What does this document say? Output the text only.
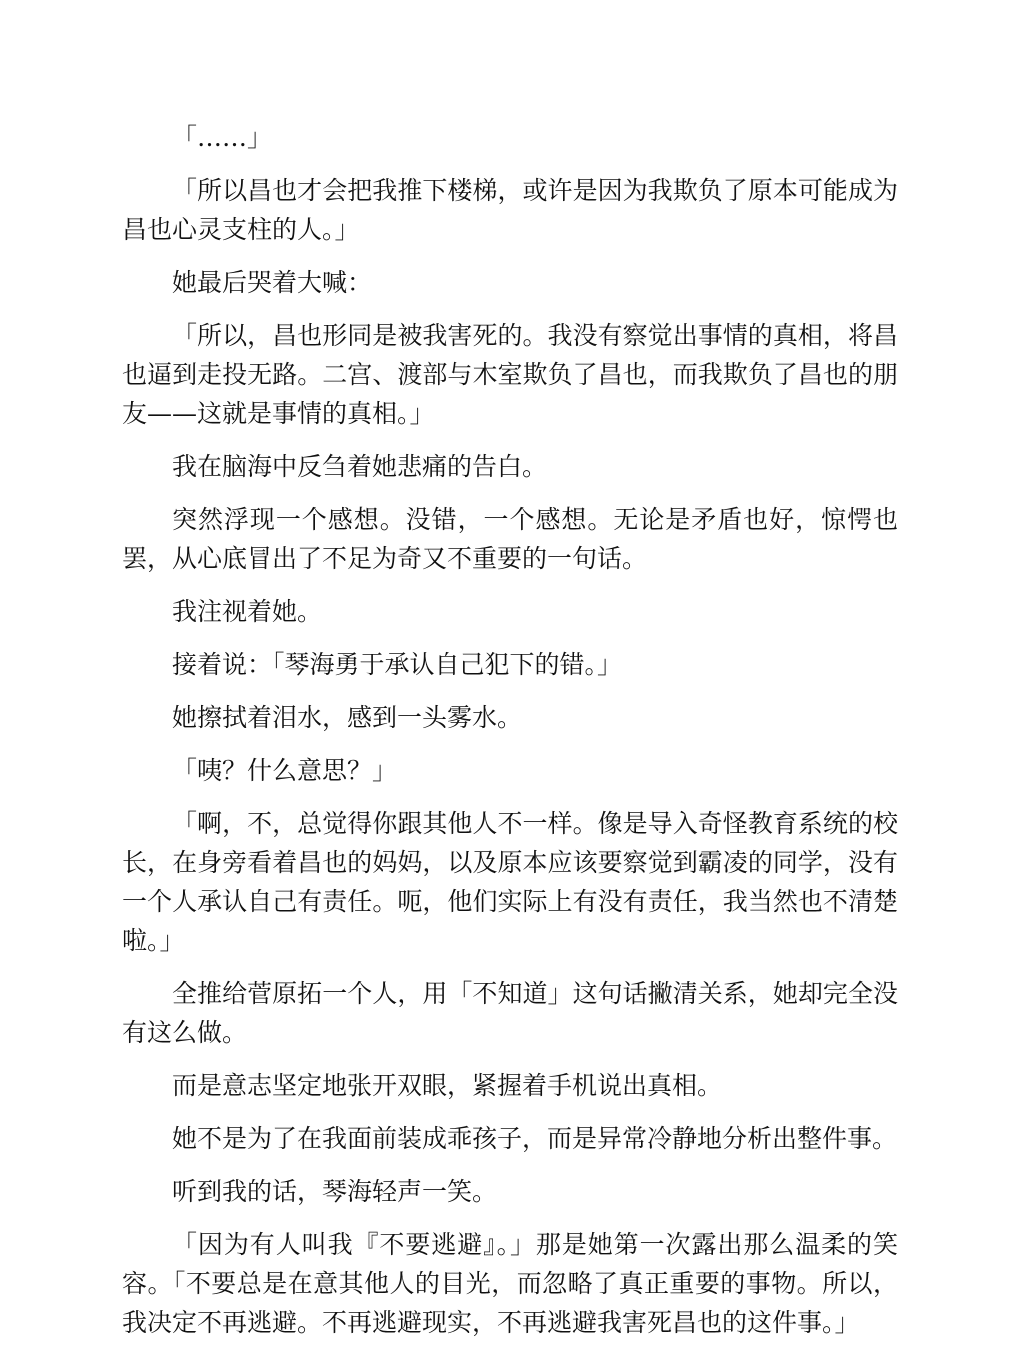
「……」

「所以昌也才会把我推下楼梯，或许是因为我欺负了原本可能成为昌也心灵支柱的人。」

她最后哭着大喊：

「所以，昌也形同是被我害死的。我没有察觉出事情的真相，将昌也逼到走投无路。二宫、渡部与木室欺负了昌也，而我欺负了昌也的朋友——这就是事情的真相。」

我在脑海中反刍着她悲痛的告白。

突然浮现一个感想。没错，一个感想。无论是矛盾也好，惊愕也罢，从心底冒出了不足为奇又不重要的一句话。

我注视着她。

接着说：「琴海勇于承认自己犯下的错。」

她擦拭着泪水，感到一头雾水。

「咦？什么意思？」

「啊，不，总觉得你跟其他人不一样。像是导入奇怪教育系统的校长，在身旁看着昌也的妈妈，以及原本应该要察觉到霸凌的同学，没有一个人承认自己有责任。呃，他们实际上有没有责任，我当然也不清楚啦。」

全推给菅原拓一个人，用「不知道」这句话撇清关系，她却完全没有这么做。

而是意志坚定地张开双眼，紧握着手机说出真相。

她不是为了在我面前装成乖孩子，而是异常冷静地分析出整件事。

听到我的话，琴海轻声一笑。

「因为有人叫我『不要逃避』。」那是她第一次露出那么温柔的笑容。「不要总是在意其他人的目光，而忽略了真正重要的事物。所以，我决定不再逃避。不再逃避现实，不再逃避我害死昌也的这件事。」
